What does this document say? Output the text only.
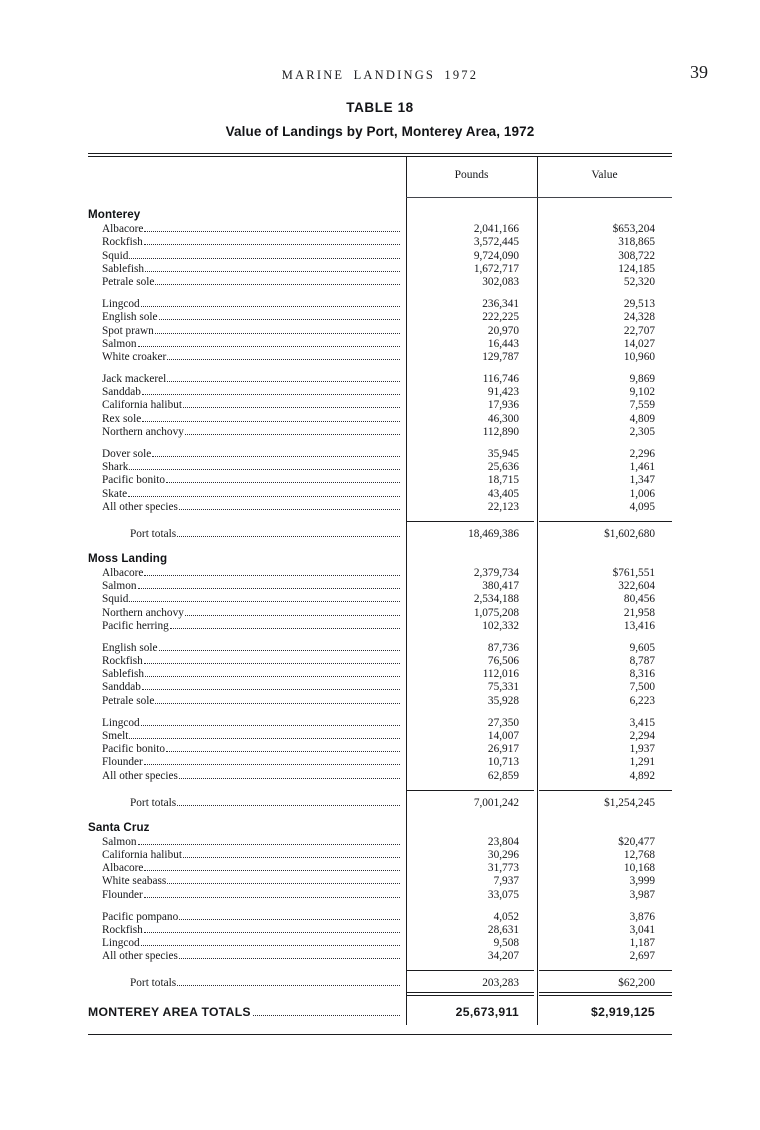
MARINE LANDINGS 1972	39
TABLE 18
Value of Landings by Port, Monterey Area, 1972
Pounds	Value
Monterey
Albacore	2,041,166	$653,204
Rockfish	3,572,445	318,865
Squid	9,724,090	308,722
Sablefish	1,672,717	124,185
Petrale sole	302,083	52,320
Lingcod	236,341	29,513
English sole	222,225	24,328
Spot prawn	20,970	22,707
Salmon	16,443	14,027
White croaker	129,787	10,960
Jack mackerel	116,746	9,869
Sanddab	91,423	9,102
California halibut	17,936	7,559
Rex sole	46,300	4,809
Northern anchovy	112,890	2,305
Dover sole	35,945	2,296
Shark	25,636	1,461
Pacific bonito	18,715	1,347
Skate	43,405	1,006
All other species	22,123	4,095
Port totals	18,469,386	$1,602,680
Moss Landing
Albacore	2,379,734	$761,551
Salmon	380,417	322,604
Squid	2,534,188	80,456
Northern anchovy	1,075,208	21,958
Pacific herring	102,332	13,416
English sole	87,736	9,605
Rockfish	76,506	8,787
Sablefish	112,016	8,316
Sanddab	75,331	7,500
Petrale sole	35,928	6,223
Lingcod	27,350	3,415
Smelt	14,007	2,294
Pacific bonito	26,917	1,937
Flounder	10,713	1,291
All other species	62,859	4,892
Port totals	7,001,242	$1,254,245
Santa Cruz
Salmon	23,804	$20,477
California halibut	30,296	12,768
Albacore	31,773	10,168
White seabass	7,937	3,999
Flounder	33,075	3,987
Pacific pompano	4,052	3,876
Rockfish	28,631	3,041
Lingcod	9,508	1,187
All other species	34,207	2,697
Port totals	203,283	$62,200
MONTEREY AREA TOTALS	25,673,911	$2,919,125
